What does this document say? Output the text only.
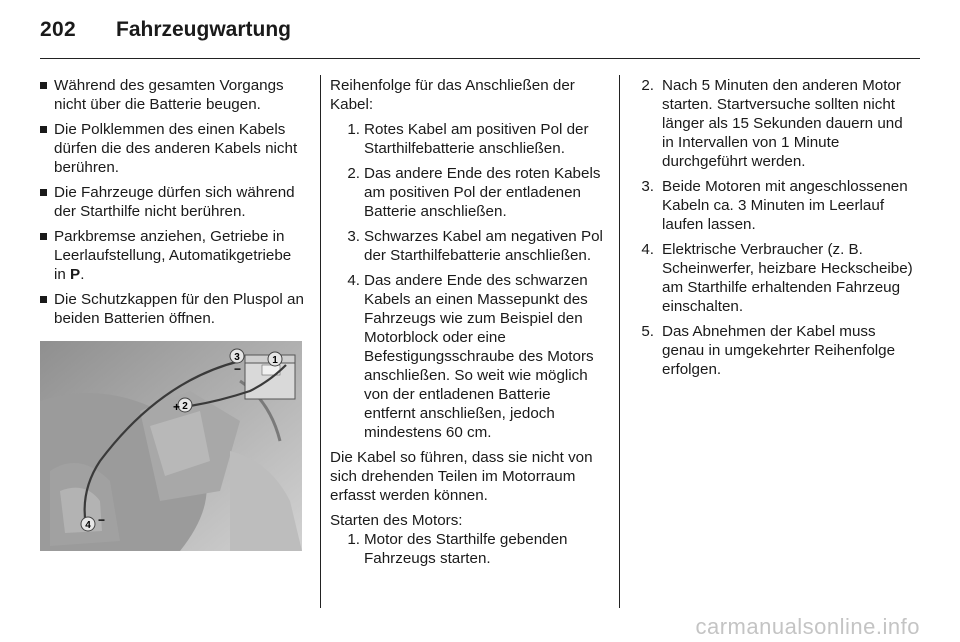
202 Fahrzeugwartung
Während des gesamten Vorgangs nicht über die Batterie beugen.
Die Polklemmen des einen Kabels dürfen die des anderen Kabels nicht berühren.
Die Fahrzeuge dürfen sich während der Starthilfe nicht berühren.
Parkbremse anziehen, Getriebe in Leerlaufstellung, Automatikgetriebe in P.
Die Schutzkappen für den Pluspol an beiden Batterien öffnen.
1
2
+
3
−
4 −
Reihenfolge für das Anschließen der Kabel:
1. Rotes Kabel am positiven Pol der Starthilfebatterie anschließen.
2. Das andere Ende des roten Kabels am positiven Pol der entladenen Batterie anschließen.
3. Schwarzes Kabel am negativen Pol der Starthilfebatterie anschließen.
4. Das andere Ende des schwarzen Kabels an einen Massepunkt des Fahrzeugs wie zum Beispiel den Motorblock oder eine Befestigungsschraube des Motors anschließen. So weit wie möglich von der entladenen Batterie entfernt anschließen, jedoch mindestens 60 cm.
Die Kabel so führen, dass sie nicht von sich drehenden Teilen im Motorraum erfasst werden können.
Starten des Motors:
1. Motor des Starthilfe gebenden Fahrzeugs starten.
2. Nach 5 Minuten den anderen Motor starten. Startversuche sollten nicht länger als 15 Sekunden dauern und in Intervallen von 1 Minute durchgeführt werden.
3. Beide Motoren mit angeschlossenen Kabeln ca. 3 Minuten im Leerlauf laufen lassen.
4. Elektrische Verbraucher (z. B. Scheinwerfer, heizbare Heckscheibe) am Starthilfe erhaltenden Fahrzeug einschalten.
5. Das Abnehmen der Kabel muss genau in umgekehrter Reihenfolge erfolgen.
carmanualsonline.info
